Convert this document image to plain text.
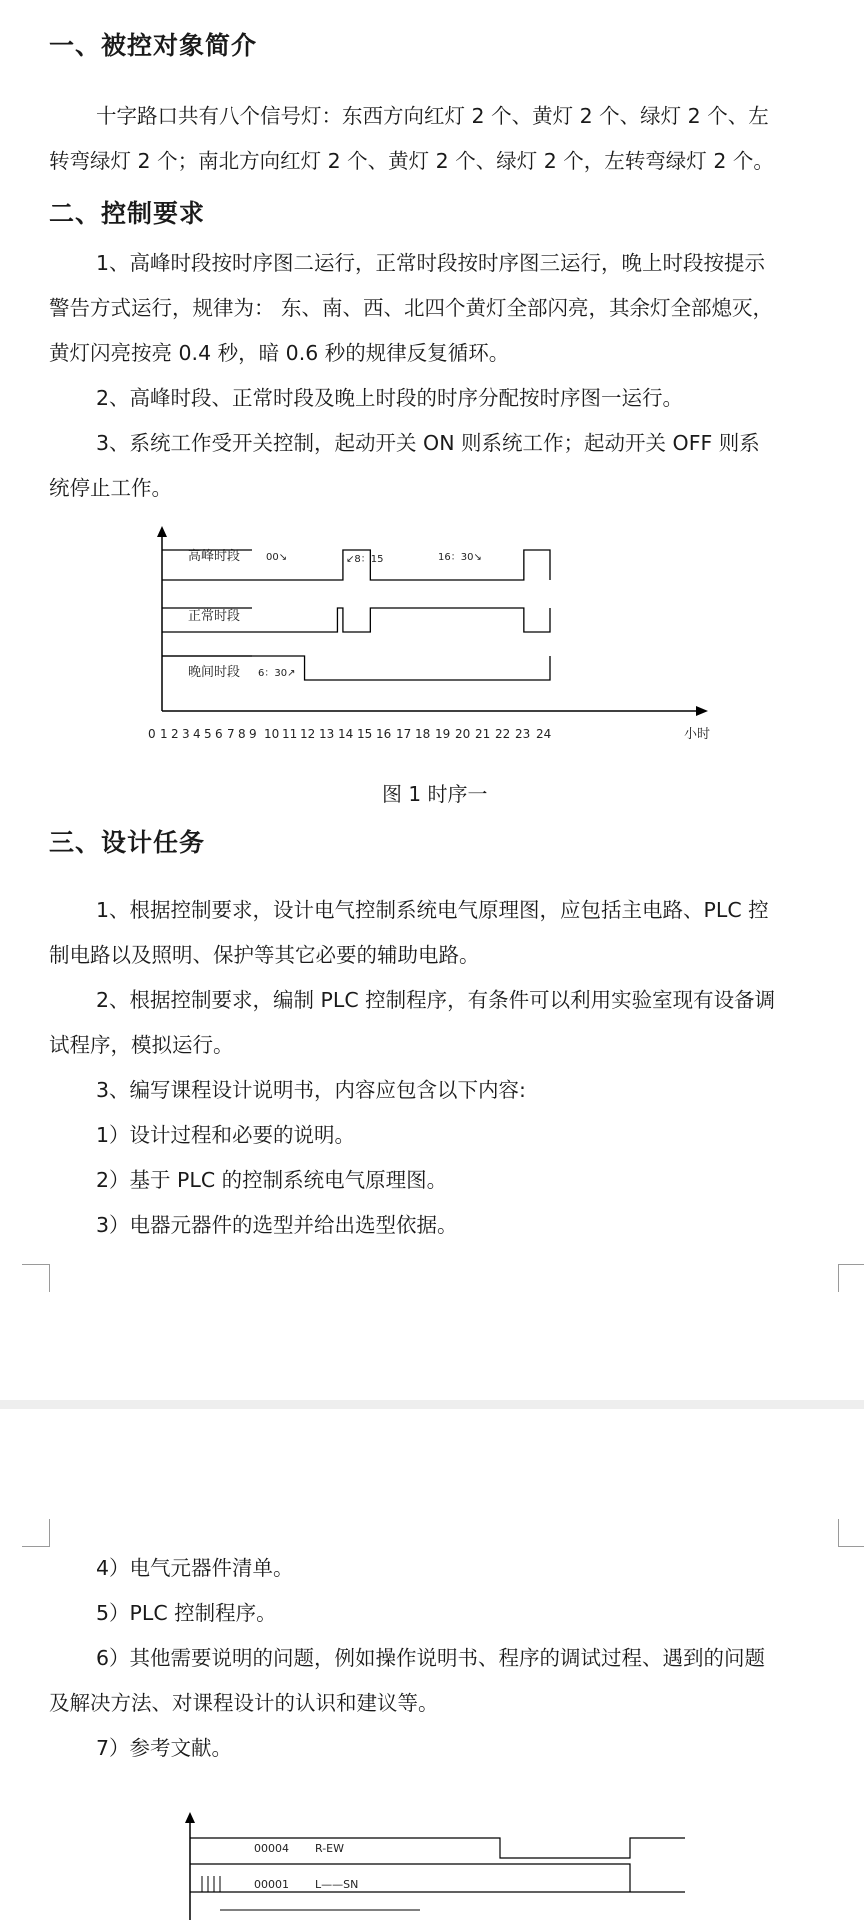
一、被控对象简介
十字路口共有八个信号灯：东西方向红灯 2 个、黄灯 2 个、绿灯 2 个、左
转弯绿灯 2 个；南北方向红灯 2 个、黄灯 2 个、绿灯 2 个，左转弯绿灯 2 个。
二、控制要求
1、高峰时段按时序图二运行，正常时段按时序图三运行，晚上时段按提示
警告方式运行，规律为： 东、南、西、北四个黄灯全部闪亮，其余灯全部熄灭，
黄灯闪亮按亮 0.4 秒，暗 0.6 秒的规律反复循环。
2、高峰时段、正常时段及晚上时段的时序分配按时序图一运行。
3、系统工作受开关控制，起动开关 ON 则系统工作；起动开关 OFF 则系
统停止工作。
高峰时段	00↘	↙8：15	16：30↘
正常时段
晚间时段 6：30↗
0 1 2 3 4 5 6 7 8 9 10 11 12 13 14 15 16 17 18 19 20 21 22 23 24	小时
图 1 时序一
三、设计任务
1、根据控制要求，设计电气控制系统电气原理图，应包括主电路、PLC 控
制电路以及照明、保护等其它必要的辅助电路。
2、根据控制要求，编制 PLC 控制程序，有条件可以利用实验室现有设备调
试程序，模拟运行。
3、编写课程设计说明书，内容应包含以下内容:
1）设计过程和必要的说明。
2）基于 PLC 的控制系统电气原理图。
3）电器元器件的选型并给出选型依据。
4）电气元器件清单。
5）PLC 控制程序。
6）其他需要说明的问题，例如操作说明书、程序的调试过程、遇到的问题
及解决方法、对课程设计的认识和建议等。
7）参考文献。
00004 R-EW
00001 L——SN
